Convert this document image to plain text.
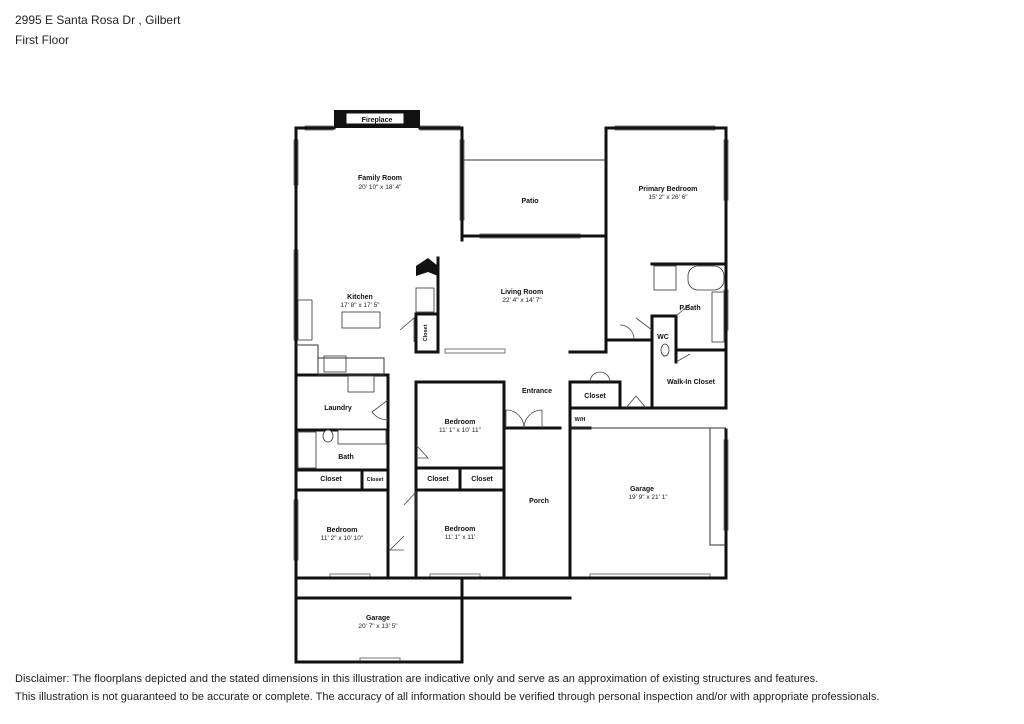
2995 E Santa Rosa Dr , Gilbert
First Floor
Fireplace
Family Room
20' 10" x 18' 4"
Patio
Primary Bedroom
15' 2" x 26' 6"
Kitchen
17' 8" x 17' 5"
Living Room
22' 4" x 14' 7"
P.Bath
WC
Walk-In Closet
Closet
Entrance
Closet
W/H
Laundry
Bedroom
11' 1" x 10' 11"
Bath
Garage
19' 9" x 21' 1"
Closet	Closet	Closet	Closet
Porch
Bedroom
11' 2" x 10' 10"
Bedroom
11' 1" x 11'
Garage
20' 7" x 13' 5"
Disclaimer: The floorplans depicted and the stated dimensions in this illustration are indicative only and serve as an approximation of existing structures and features.
This illustration is not guaranteed to be accurate or complete. The accuracy of all information should be verified through personal inspection and/or with appropriate professionals.
